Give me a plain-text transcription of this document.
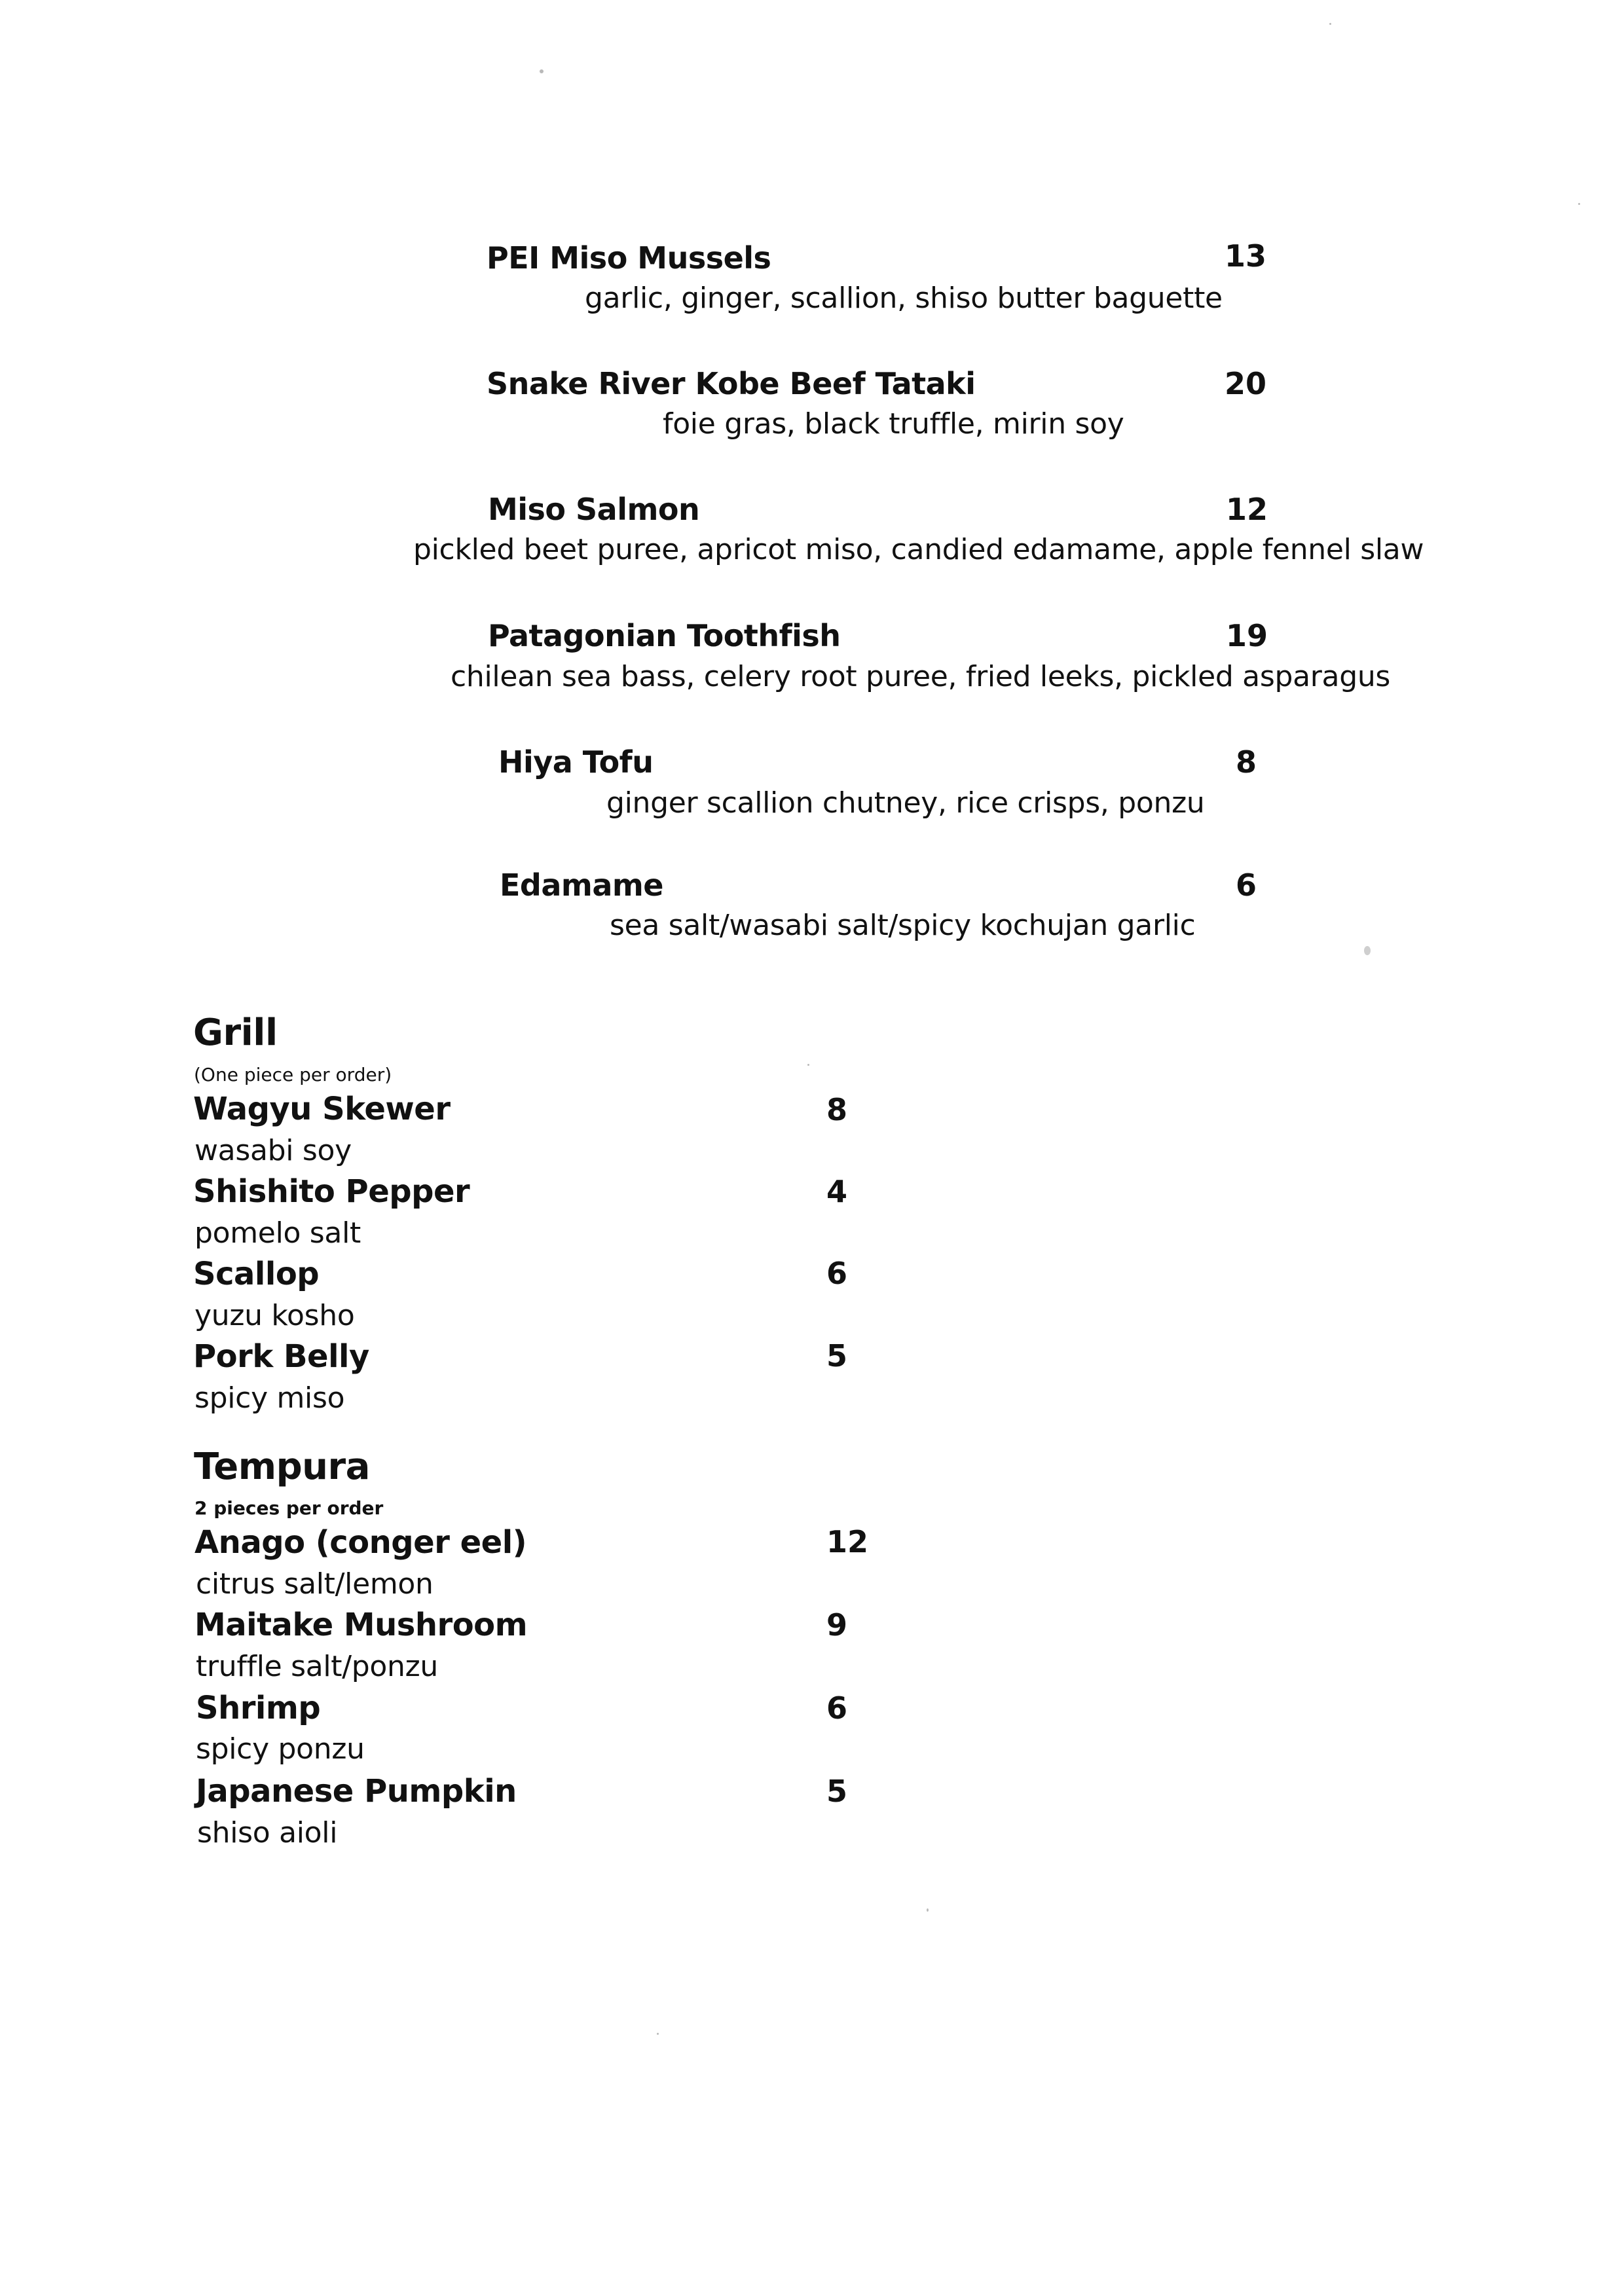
PEI Miso Mussels	13
garlic, ginger, scallion, shiso butter baguette
Snake River Kobe Beef Tataki	20
foie gras, black truffle, mirin soy
Miso Salmon	12
pickled beet puree, apricot miso, candied edamame, apple fennel slaw
Patagonian Toothfish	19
chilean sea bass, celery root puree, fried leeks, pickled asparagus
Hiya Tofu	8
ginger scallion chutney, rice crisps, ponzu
Edamame	6
sea salt/wasabi salt/spicy kochujan garlic
Grill
(One piece per order)
Wagyu Skewer	8
wasabi soy
Shishito Pepper	4
pomelo salt
Scallop	6
yuzu kosho
Pork Belly	5
spicy miso
Tempura
2 pieces per order
Anago (conger eel)	12
citrus salt/lemon
Maitake Mushroom	9
truffle salt/ponzu
Shrimp	6
spicy ponzu
Japanese Pumpkin	5
shiso aioli
